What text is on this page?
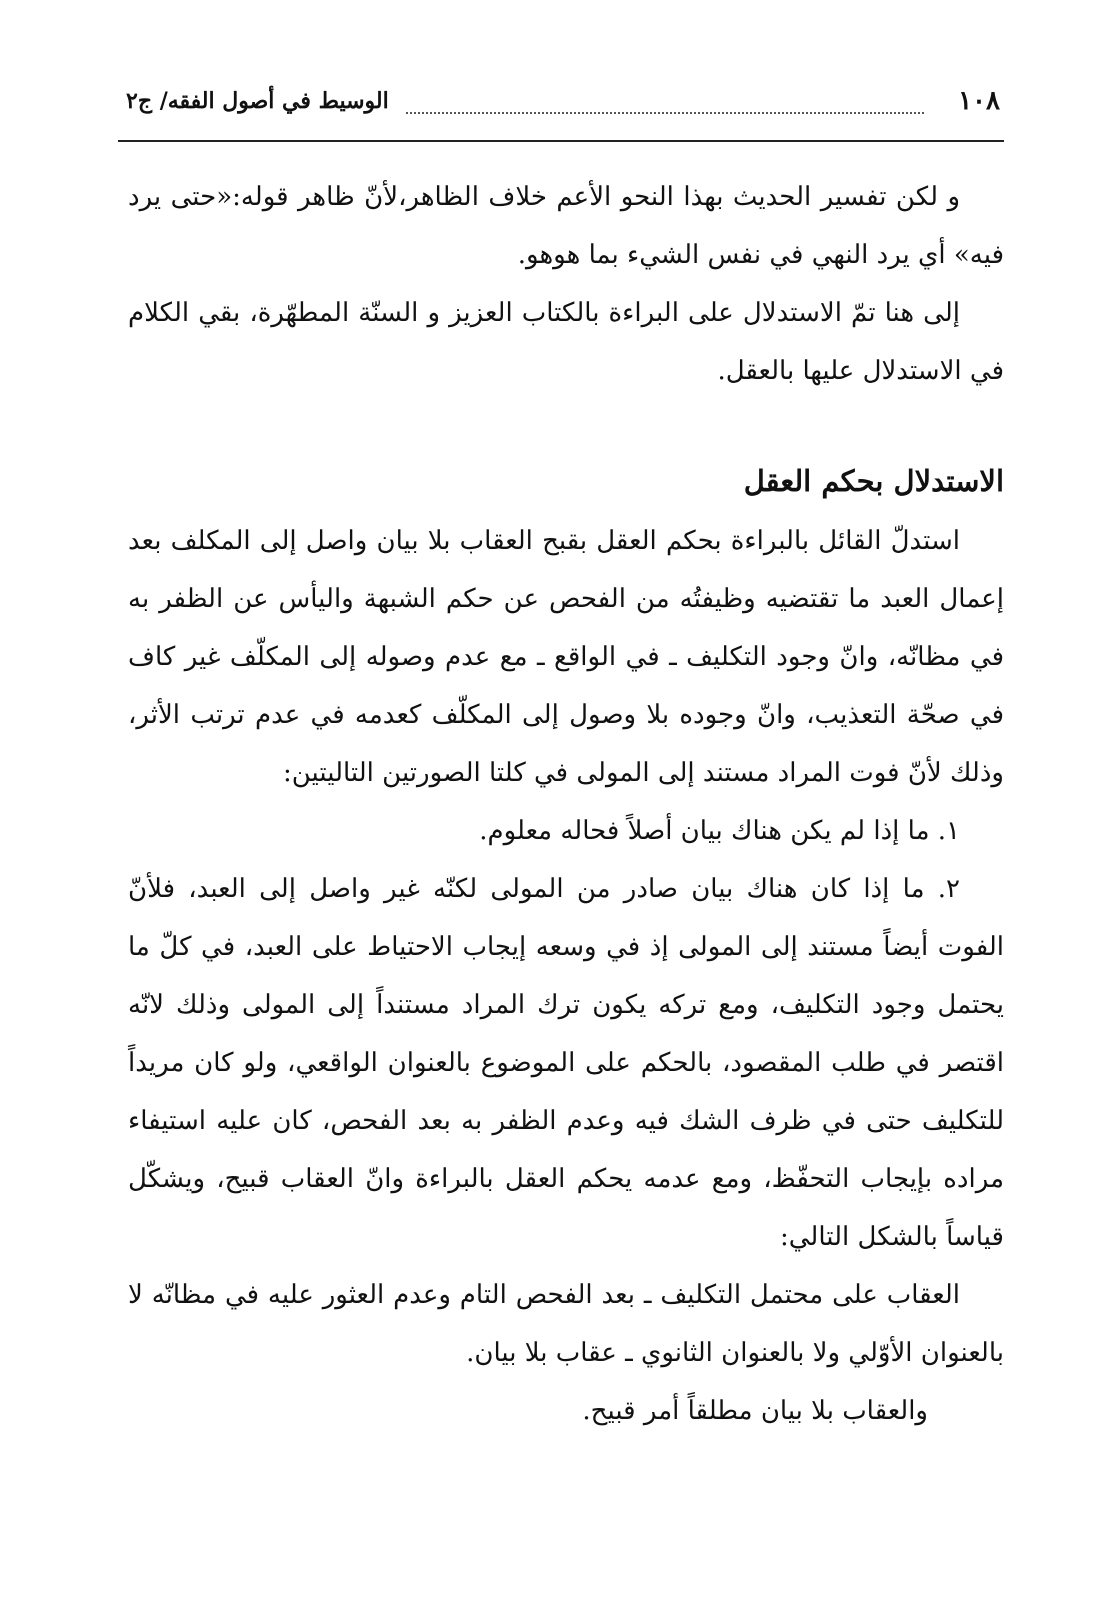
١٠٨
الوسيط في أصول الفقه/ ج٢

و لكن تفسير الحديث بهذا النحو الأعم خلاف الظاهر،لأنّ ظاهر قوله:«حتى يرد فيه» أي يرد النهي في نفس الشيء بما هوهو.

إلى هنا تمّ الاستدلال على البراءة بالكتاب العزيز و السنّة المطهّرة، بقي الكلام في الاستدلال عليها بالعقل.

الاستدلال بحكم العقل

استدلّ القائل بالبراءة بحكم العقل بقبح العقاب بلا بيان واصل إلى المكلف بعد إعمال العبد ما تقتضيه وظيفتُه من الفحص عن حكم الشبهة واليأس عن الظفر به في مظانّه، وانّ وجود التكليف ـ في الواقع ـ مع عدم وصوله إلى المكلّف غير كاف في صحّة التعذيب، وانّ وجوده بلا وصول إلى المكلّف كعدمه في عدم ترتب الأثر، وذلك لأنّ فوت المراد مستند إلى المولى في كلتا الصورتين التاليتين:

١. ما إذا لم يكن هناك بيان أصلاً فحاله معلوم.

٢. ما إذا كان هناك بيان صادر من المولى لكنّه غير واصل إلى العبد، فلأنّ الفوت أيضاً مستند إلى المولى إذ في وسعه إيجاب الاحتياط على العبد، في كلّ ما يحتمل وجود التكليف، ومع تركه يكون ترك المراد مستنداً إلى المولى وذلك لانّه اقتصر في طلب المقصود، بالحكم على الموضوع بالعنوان الواقعي، ولو كان مريداً للتكليف حتى في ظرف الشك فيه وعدم الظفر به بعد الفحص، كان عليه استيفاء مراده بإيجاب التحفّظ، ومع عدمه يحكم العقل بالبراءة وانّ العقاب قبيح، ويشكّل قياساً بالشكل التالي:

العقاب على محتمل التكليف ـ بعد الفحص التام وعدم العثور عليه في مظانّه لا بالعنوان الأوّلي ولا بالعنوان الثانوي ـ عقاب بلا بيان.

والعقاب بلا بيان مطلقاً أمر قبيح.
